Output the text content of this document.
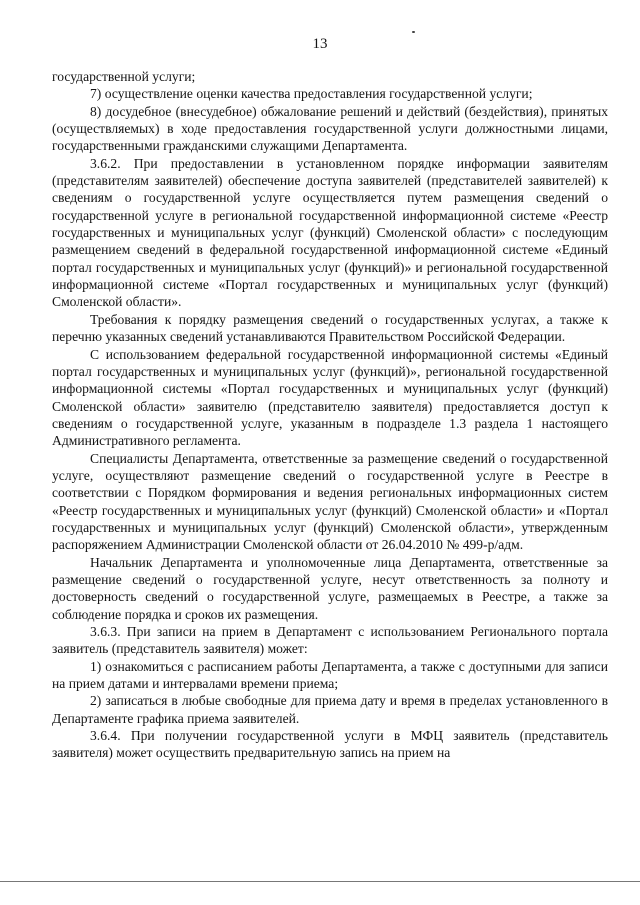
13

государственной услуги;

7) осуществление оценки качества предоставления государственной услуги;

8) досудебное (внесудебное) обжалование решений и действий (бездействия), принятых (осуществляемых) в ходе предоставления государственной услуги должностными лицами, государственными гражданскими служащими Департамента.

3.6.2. При предоставлении в установленном порядке информации заявителям (представителям заявителей) обеспечение доступа заявителей (представителей заявителей) к сведениям о государственной услуге осуществляется путем размещения сведений о государственной услуге в региональной государственной информационной системе «Реестр государственных и муниципальных услуг (функций) Смоленской области» с последующим размещением сведений в федеральной государственной информационной системе «Единый портал государственных и муниципальных услуг (функций)» и региональной государственной информационной системе «Портал государственных и муниципальных услуг (функций) Смоленской области».

Требования к порядку размещения сведений о государственных услугах, а также к перечню указанных сведений устанавливаются Правительством Российской Федерации.

С использованием федеральной государственной информационной системы «Единый портал государственных и муниципальных услуг (функций)», региональной государственной информационной системы «Портал государственных и муниципальных услуг (функций) Смоленской области» заявителю (представителю заявителя) предоставляется доступ к сведениям о государственной услуге, указанным в подразделе 1.3 раздела 1 настоящего Административного регламента.

Специалисты Департамента, ответственные за размещение сведений о государственной услуге, осуществляют размещение сведений о государственной услуге в Реестре в соответствии с Порядком формирования и ведения региональных информационных систем «Реестр государственных и муниципальных услуг (функций) Смоленской области» и «Портал государственных и муниципальных услуг (функций) Смоленской области», утвержденным распоряжением Администрации Смоленской области от 26.04.2010 № 499-р/адм.

Начальник Департамента и уполномоченные лица Департамента, ответственные за размещение сведений о государственной услуге, несут ответственность за полноту и достоверность сведений о государственной услуге, размещаемых в Реестре, а также за соблюдение порядка и сроков их размещения.

3.6.3. При записи на прием в Департамент с использованием Регионального портала заявитель (представитель заявителя) может:

1) ознакомиться с расписанием работы Департамента, а также с доступными для записи на прием датами и интервалами времени приема;

2) записаться в любые свободные для приема дату и время в пределах установленного в Департаменте графика приема заявителей.

3.6.4. При получении государственной услуги в МФЦ заявитель (представитель заявителя) может осуществить предварительную запись на прием на
